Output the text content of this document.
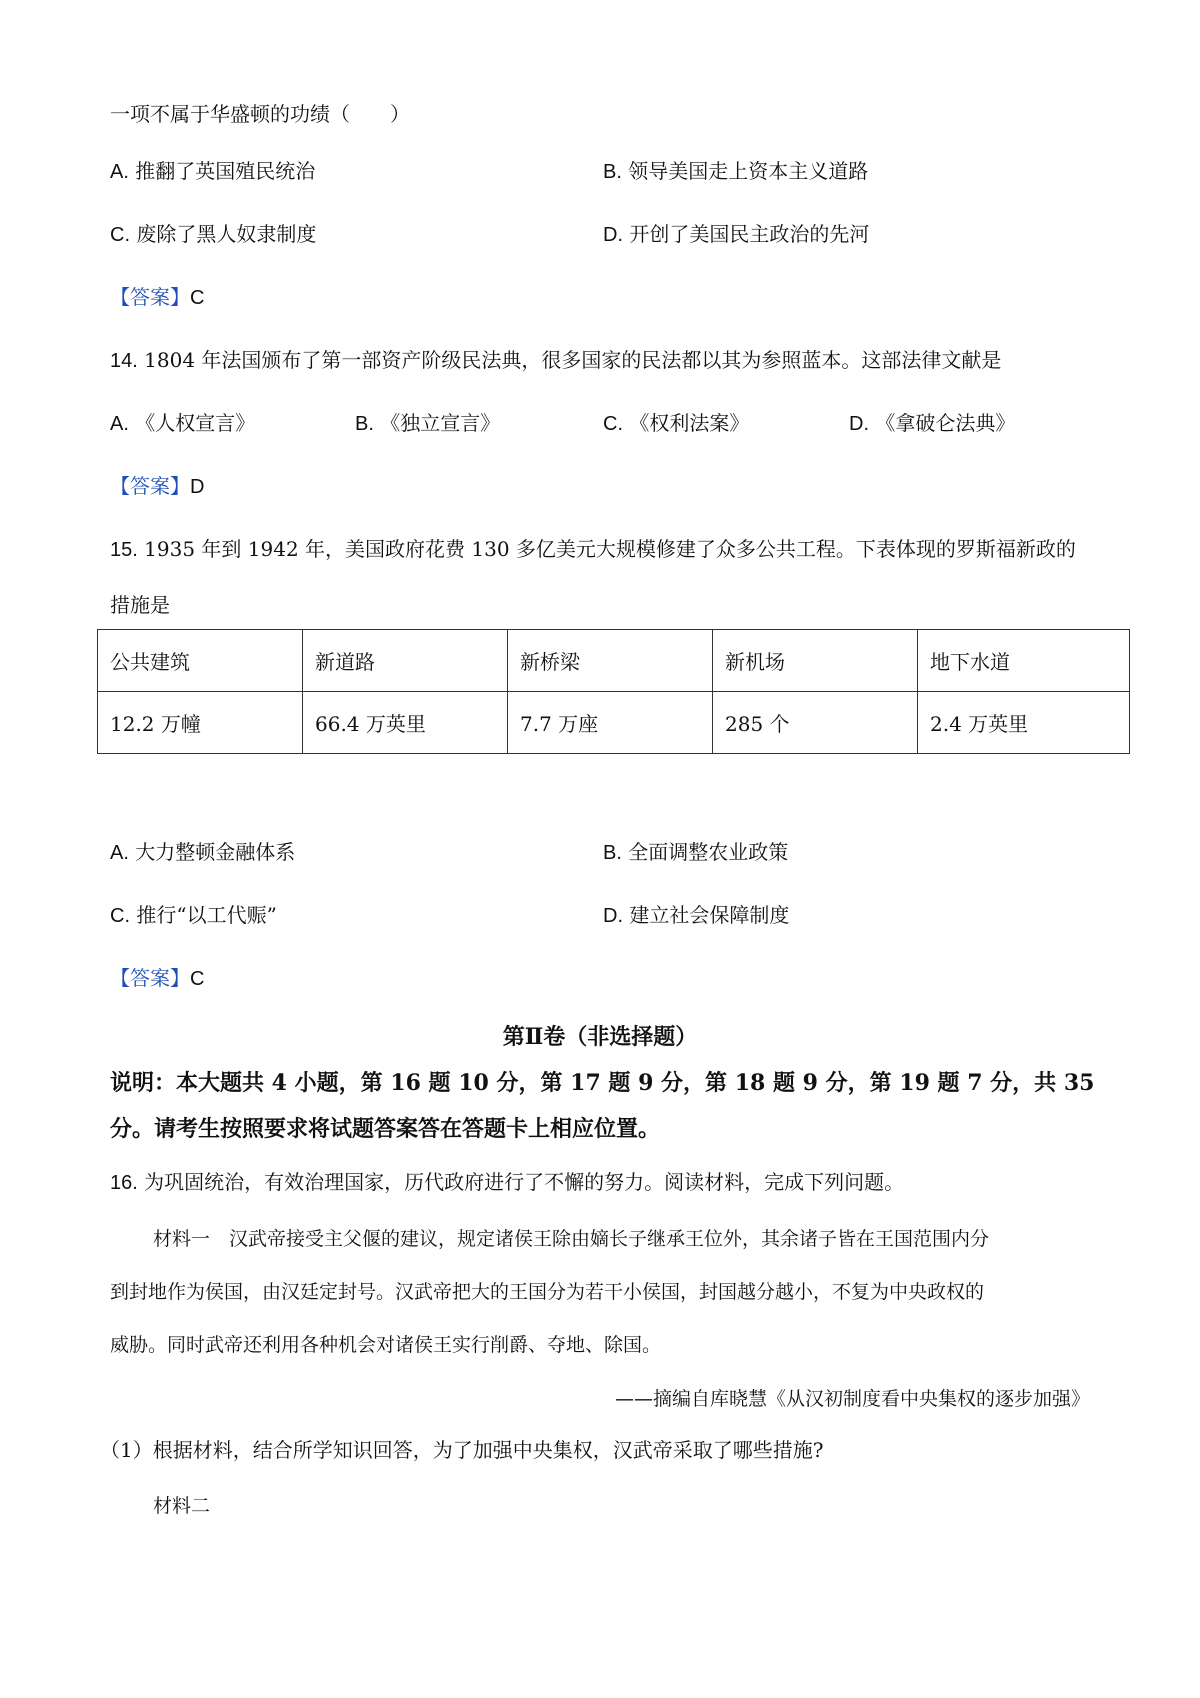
一项不属于华盛顿的功绩（　　）
A. 推翻了英国殖民统治	B. 领导美国走上资本主义道路
C. 废除了黑人奴隶制度	D. 开创了美国民主政治的先河
【答案】C
14. 1804 年法国颁布了第一部资产阶级民法典，很多国家的民法都以其为参照蓝本。这部法律文献是
A. 《人权宣言》	B. 《独立宣言》	C. 《权利法案》	D. 《拿破仑法典》
【答案】D
15. 1935 年到 1942 年，美国政府花费 130 多亿美元大规模修建了众多公共工程。下表体现的罗斯福新政的
措施是
公共建筑	新道路	新桥梁	新机场	地下水道
12.2 万幢	66.4 万英里	7.7 万座	285 个	2.4 万英里
A. 大力整顿金融体系	B. 全面调整农业政策
C. 推行“以工代赈”	D. 建立社会保障制度
【答案】C
第Ⅱ卷（非选择题）
说明：本大题共 4 小题，第 16 题 10 分，第 17 题 9 分，第 18 题 9 分，第 19 题 7 分，共 35
分。请考生按照要求将试题答案答在答题卡上相应位置。
16. 为巩固统治，有效治理国家，历代政府进行了不懈的努力。阅读材料，完成下列问题。
材料一　汉武帝接受主父偃的建议，规定诸侯王除由嫡长子继承王位外，其余诸子皆在王国范围内分
到封地作为侯国，由汉廷定封号。汉武帝把大的王国分为若干小侯国，封国越分越小，不复为中央政权的
威胁。同时武帝还利用各种机会对诸侯王实行削爵、夺地、除国。
——摘编自库晓慧《从汉初制度看中央集权的逐步加强》
（1）根据材料，结合所学知识回答，为了加强中央集权，汉武帝采取了哪些措施?
材料二
